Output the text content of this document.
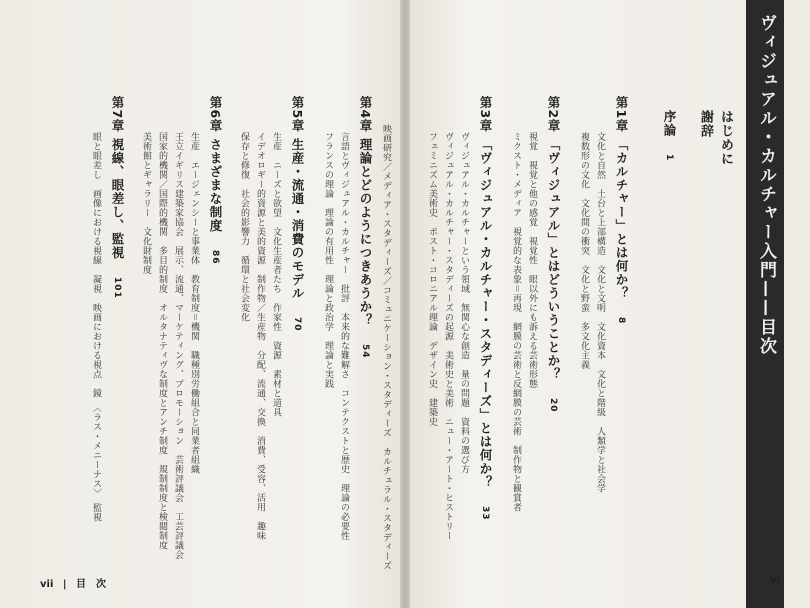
ヴィジュアル・カルチャー入門——目次
はじめに
謝辞
序論 1
第1章 「カルチャー」とは何か？ 8
文化と自然　土台と上部構造　文化と文明　文化資本　文化と階級　人類学と社会学
複数形の文化　文化間の衝突　文化と野蛮　多文化主義
第2章 「ヴィジュアル」とはどういうことか？ 20
視覚　視覚と他の感覚　視覚性　眼以外にも訴える芸術形態
ミクスト・メディア　視覚的な表象＝再現　網膜の芸術と反網膜の芸術　制作物と観賞者
第3章 「ヴィジュアル・カルチャー・スタディーズ」とは何か？ 33
ヴィジュアル・カルチャーという領域　無関心な創造　量の問題　資料の選び方
ヴィジュアル・カルチャー・スタディーズの起源　美術史と美術　ニュー・アート・ヒストリー
フェミニズム美術史　ポスト・コロニアル理論　デザイン史　建築史
映画研究／メディア・スタディーズ／コミュニケーション・スタディーズ　カルチュラル・スタディーズ
第4章 理論とどのようにつきあうか？ 54
言語とヴィジュアル・カルチャー　批評　本来的な難解さ　コンテクストと歴史　理論の必要性
フランスの理論　理論の有用性　理論と政治学　理論と実践
第5章 生産・流通・消費のモデル 70
生産　ニーズと欲望　文化生産者たち　作家性　資源　素材と道具
イデオロギー的資源と美的資源　制作物／生産物　分配、流通、交換　消費、受容、活用　趣味
保存と修復　社会的影響力　循環と社会変化
第6章 さまざまな制度 86
生産　エージェンシーと事業体　教育制度＝機関　職種別労働組合と同業者組織
王立イギリス建築家協会　展示、流通、マーケティング、プロモーション　芸術評議会　工芸評議会
国家的機関／国際的機関　多目的制度　オルタナティヴな制度とアンチ制度　規制制度と検閲制度
美術館とギャラリー　文化財制度
第7章 視線、眼差し、監視 101
眼と眼差し　画像における視線　凝視　映画における視点　鏡　〈ラス・メニーナス〉　監視
vii | 目　次	vi
